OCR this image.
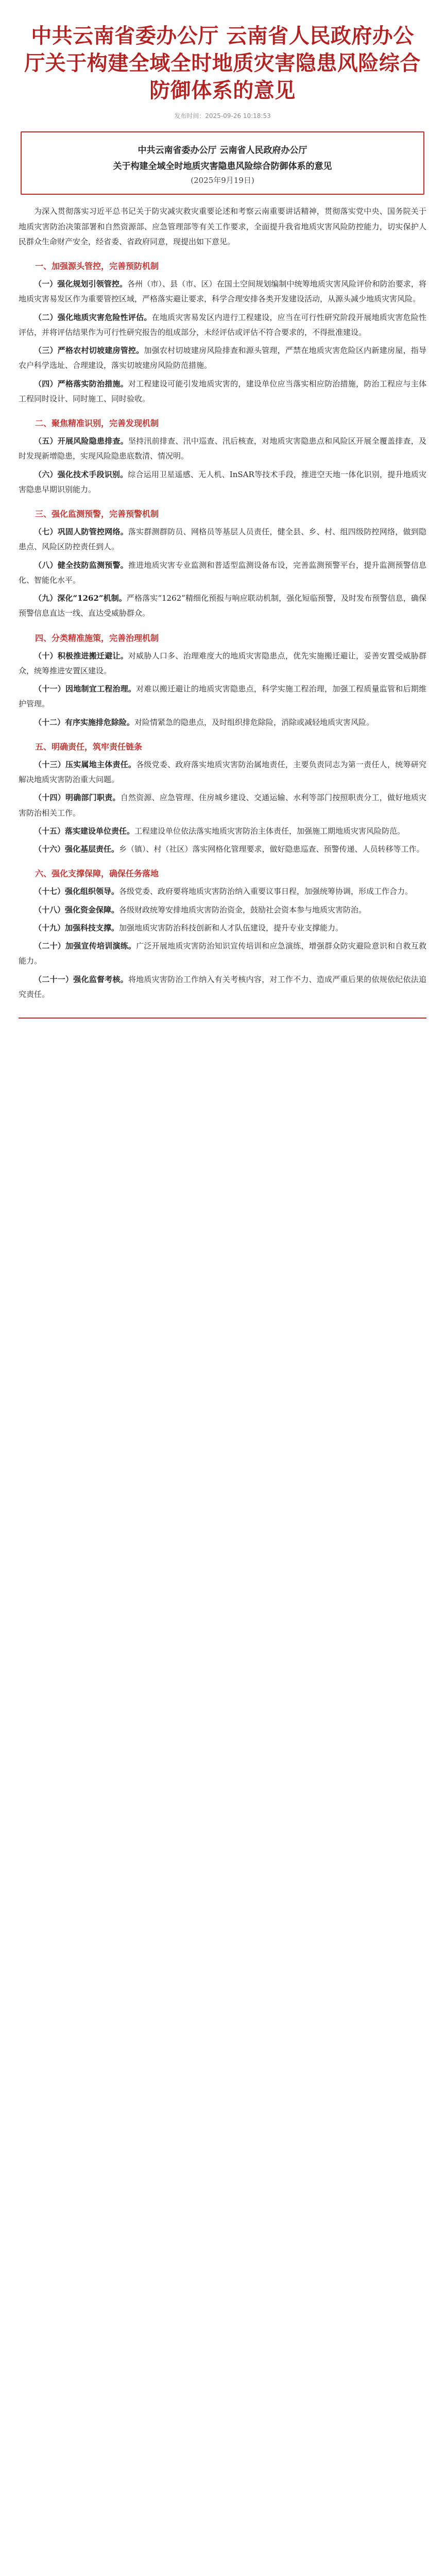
中共云南省委办公厅 云南省人民政府办公厅关于构建全域全时地质灾害隐患风险综合防御体系的意见
发布时间：2025-09-26 10:18:53
中共云南省委办公厅 云南省人民政府办公厅
关于构建全域全时地质灾害隐患风险综合防御体系的意见
(2025年9月19日)

为深入贯彻落实习近平总书记关于防灾减灾救灾重要论述和考察云南重要讲话精神，贯彻落实党中央、国务院关于地质灾害防治决策部署和自然资源部、应急管理部等有关工作要求，全面提升我省地质灾害风险防控能力，切实保护人民群众生命财产安全，经省委、省政府同意，现提出如下意见。

一、加强源头管控，完善预防机制

（一）强化规划引领管控。各州（市）、县（市、区）在国土空间规划编制中统筹地质灾害风险评价和防治要求，将地质灾害易发区作为重要管控区域，严格落实避让要求，科学合理安排各类开发建设活动，从源头减少地质灾害风险。

（二）强化地质灾害危险性评估。在地质灾害易发区内进行工程建设，应当在可行性研究阶段开展地质灾害危险性评估，并将评估结果作为可行性研究报告的组成部分，未经评估或评估不符合要求的，不得批准建设。

（三）严格农村切坡建房管控。加强农村切坡建房风险排查和源头管理，严禁在地质灾害危险区内新建房屋，指导农户科学选址、合理建设，落实切坡建房风险防范措施。

（四）严格落实防治措施。对工程建设可能引发地质灾害的，建设单位应当落实相应防治措施，防治工程应与主体工程同时设计、同时施工、同时验收。

二、聚焦精准识别，完善发现机制

（五）开展风险隐患排查。坚持汛前排查、汛中巡查、汛后核查，对地质灾害隐患点和风险区开展全覆盖排查，及时发现新增隐患，实现风险隐患底数清、情况明。

（六）强化技术手段识别。综合运用卫星遥感、无人机、InSAR等技术手段，推进空天地一体化识别，提升地质灾害隐患早期识别能力。

三、强化监测预警，完善预警机制

（七）巩固人防管控网络。落实群测群防员、网格员等基层人员责任，健全县、乡、村、组四级防控网络，做到隐患点、风险区防控责任到人。

（八）健全技防监测预警。推进地质灾害专业监测和普适型监测设备布设，完善监测预警平台，提升监测预警信息化、智能化水平。

（九）深化“1262”机制。严格落实“1262”精细化预报与响应联动机制，强化短临预警，及时发布预警信息，确保预警信息直达一线、直达受威胁群众。

四、分类精准施策，完善治理机制

（十）积极推进搬迁避让。对威胁人口多、治理难度大的地质灾害隐患点，优先实施搬迁避让，妥善安置受威胁群众，统筹推进安置区建设。

（十一）因地制宜工程治理。对难以搬迁避让的地质灾害隐患点，科学实施工程治理，加强工程质量监管和后期维护管理。

（十二）有序实施排危除险。对险情紧急的隐患点，及时组织排危除险，消除或减轻地质灾害风险。

五、明确责任，筑牢责任链条

（十三）压实属地主体责任。各级党委、政府落实地质灾害防治属地责任，主要负责同志为第一责任人，统筹研究解决地质灾害防治重大问题。

（十四）明确部门职责。自然资源、应急管理、住房城乡建设、交通运输、水利等部门按照职责分工，做好地质灾害防治相关工作。

（十五）落实建设单位责任。工程建设单位依法落实地质灾害防治主体责任，加强施工期地质灾害风险防范。

（十六）强化基层责任。乡（镇）、村（社区）落实网格化管理要求，做好隐患巡查、预警传递、人员转移等工作。

六、强化支撑保障，确保任务落地

（十七）强化组织领导。各级党委、政府要将地质灾害防治纳入重要议事日程，加强统筹协调，形成工作合力。

（十八）强化资金保障。各级财政统筹安排地质灾害防治资金，鼓励社会资本参与地质灾害防治。

（十九）加强科技支撑。加强地质灾害防治科技创新和人才队伍建设，提升专业支撑能力。

（二十）加强宣传培训演练。广泛开展地质灾害防治知识宣传培训和应急演练，增强群众防灾避险意识和自救互救能力。

（二十一）强化监督考核。将地质灾害防治工作纳入有关考核内容，对工作不力、造成严重后果的依规依纪依法追究责任。
